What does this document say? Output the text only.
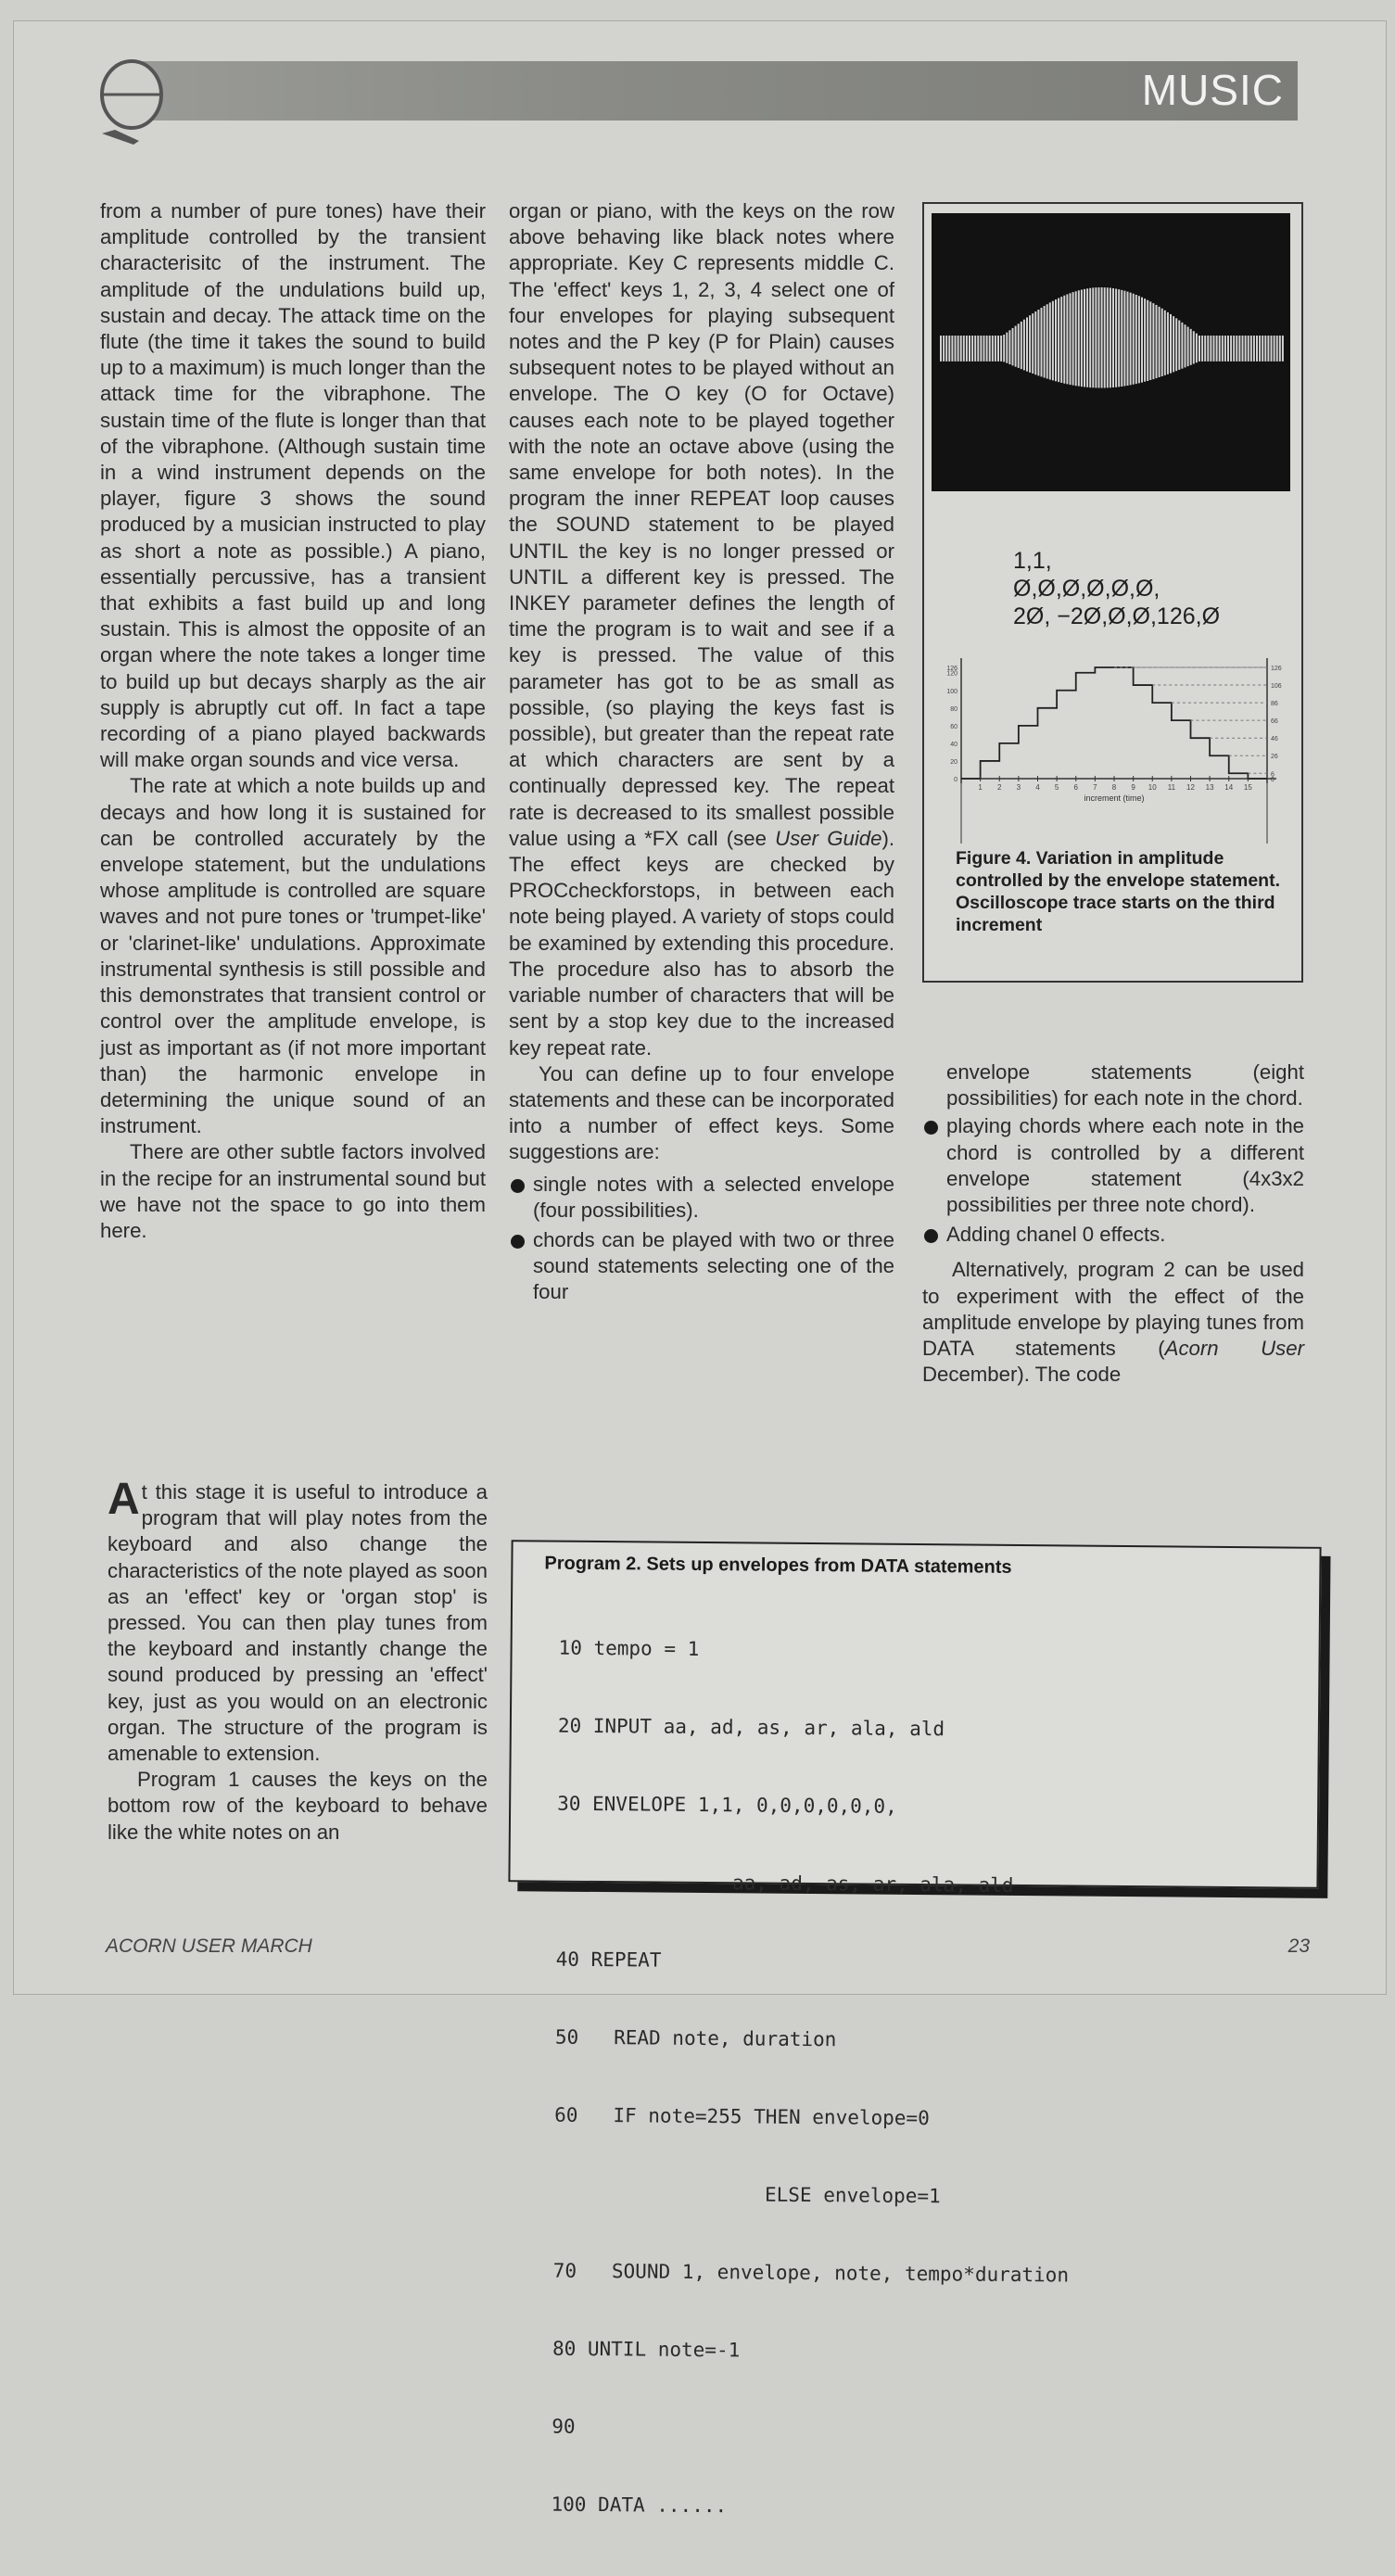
MUSIC

from a number of pure tones) have their amplitude controlled by the transient characterisitc of the instrument. The amplitude of the undulations build up, sustain and decay. The attack time on the flute (the time it takes the sound to build up to a maximum) is much longer than the attack time for the vibraphone. The sustain time of the flute is longer than that of the vibraphone. (Although sustain time in a wind instrument depends on the player, figure 3 shows the sound produced by a musician instructed to play as short a note as possible.) A piano, essentially percussive, has a transient that exhibits a fast build up and long sustain. This is almost the opposite of an organ where the note takes a longer time to build up but decays sharply as the air supply is abruptly cut off. In fact a tape recording of a piano played backwards will make organ sounds and vice versa.

The rate at which a note builds up and decays and how long it is sustained for can be controlled accurately by the envelope statement, but the undulations whose amplitude is controlled are square waves and not pure tones or 'trumpet-like' or 'clarinet-like' undulations. Approximate instrumental synthesis is still possible and this demonstrates that transient control or control over the amplitude envelope, is just as important as (if not more important than) the harmonic envelope in determining the unique sound of an instrument.

There are other subtle factors involved in the recipe for an instrumental sound but we have not the space to go into them here.

At this stage it is useful to introduce a program that will play notes from the keyboard and also change the characteristics of the note played as soon as an 'effect' key or 'organ stop' is pressed. You can then play tunes from the keyboard and instantly change the sound produced by pressing an 'effect' key, just as you would on an electronic organ. The structure of the program is amenable to extension.

Program 1 causes the keys on the bottom row of the keyboard to behave like the white notes on an

organ or piano, with the keys on the row above behaving like black notes where appropriate. Key C represents middle C. The 'effect' keys 1, 2, 3, 4 select one of four envelopes for playing subsequent notes and the P key (P for Plain) causes subsequent notes to be played without an envelope. The O key (O for Octave) causes each note to be played together with the note an octave above (using the same envelope for both notes). In the program the inner REPEAT loop causes the SOUND statement to be played UNTIL the key is no longer pressed or UNTIL a different key is pressed. The INKEY parameter defines the length of time the program is to wait and see if a key is pressed. The value of this parameter has got to be as small as possible, (so playing the keys fast is possible), but greater than the repeat rate at which characters are sent by a continually depressed key. The repeat rate is decreased to its smallest possible value using a *FX call (see User Guide). The effect keys are checked by PROCcheckforstops, in between each note being played. A variety of stops could be examined by extending this procedure. The procedure also has to absorb the variable number of characters that will be sent by a stop key due to the increased key repeat rate.

You can define up to four envelope statements and these can be incorporated into a number of effect keys. Some suggestions are:

single notes with a selected envelope (four possibilities).
chords can be played with two or three sound statements selecting one of the four

envelope statements (eight possibilities) for each note in the chord.

playing chords where each note in the chord is controlled by a different envelope statement (4x3x2 possibilities per three note chord).
Adding chanel 0 effects.

Alternatively, program 2 can be used to experiment with the effect of the amplitude envelope by playing tunes from DATA statements (Acorn User December). The code

1,1,
Ø,Ø,Ø,Ø,Ø,Ø,
2Ø, −2Ø,Ø,Ø,126,Ø
1 2 3 4 5 6 7 8 9 10 11 12 13 14 15
126
120
100
80
60
40
20
0
126
106
86
66
46
26
6
0
increment (time)
Figure 4. Variation in amplitude controlled by the envelope statement. Oscilloscope trace starts on the third increment
Program 2. Sets up envelopes from DATA statements

10 tempo = 1

20 INPUT aa, ad, as, ar, ala, ald

30 ENVELOPE 1,1, 0,0,0,0,0,0,

aa, ad, as, ar, ala, ald

40 REPEAT

50   READ note, duration

60   IF note=255 THEN envelope=0

ELSE envelope=1

70   SOUND 1, envelope, note, tempo*duration

80 UNTIL note=-1

90

100 DATA ......

ACORN USER MARCH	23
